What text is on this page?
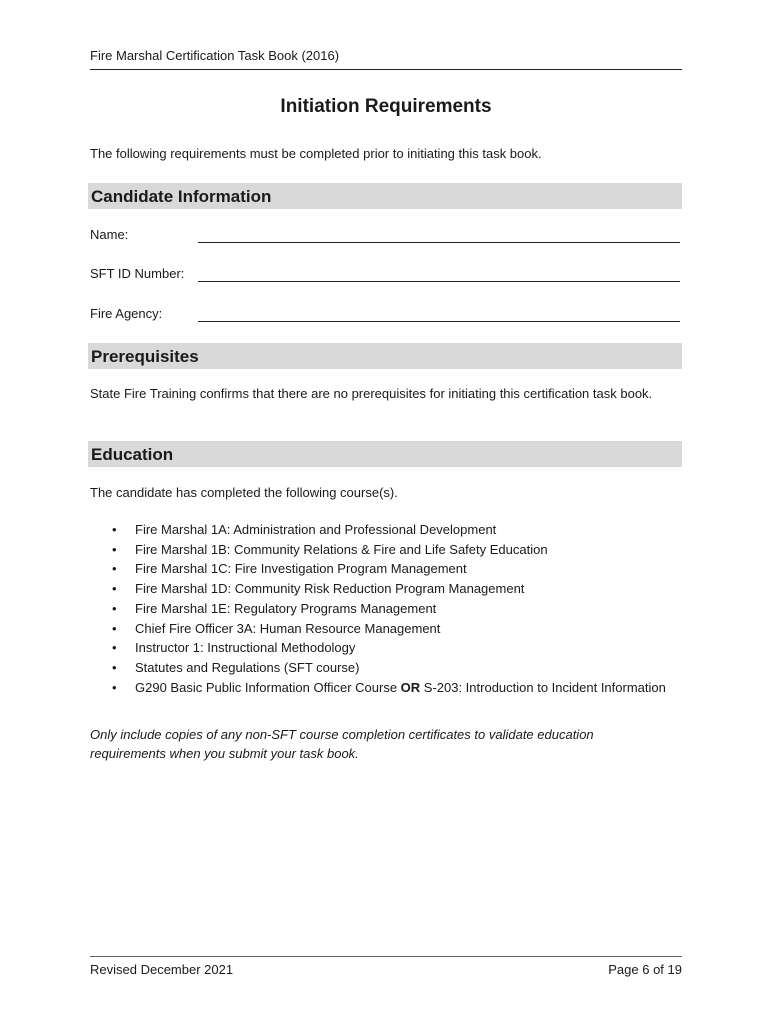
Fire Marshal Certification Task Book (2016)
Initiation Requirements
The following requirements must be completed prior to initiating this task book.
Candidate Information
Name:
SFT ID Number:
Fire Agency:
Prerequisites
State Fire Training confirms that there are no prerequisites for initiating this certification task book.
Education
The candidate has completed the following course(s).
• Fire Marshal 1A: Administration and Professional Development
• Fire Marshal 1B: Community Relations & Fire and Life Safety Education
• Fire Marshal 1C: Fire Investigation Program Management
• Fire Marshal 1D: Community Risk Reduction Program Management
• Fire Marshal 1E: Regulatory Programs Management
• Chief Fire Officer 3A: Human Resource Management
• Instructor 1: Instructional Methodology
• Statutes and Regulations (SFT course)
• G290 Basic Public Information Officer Course OR S-203: Introduction to Incident Information
Only include copies of any non-SFT course completion certificates to validate education requirements when you submit your task book.
Revised December 2021	Page 6 of 19
